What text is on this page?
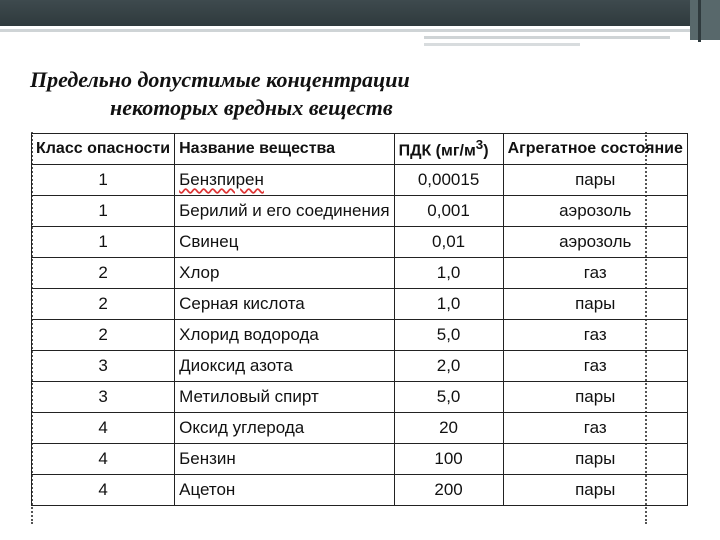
Предельно допустимые концентрации
некоторых вредных веществ
Класс опасности	Название вещества	ПДК $(мг/м^3)$	Агрегатное состояние
1	Бензпирен	0,00015	пары
1	Берилий и его соединения	0,001	аэрозоль
1	Свинец	0,01	аэрозоль
2	Хлор	1,0	газ
2	Серная кислота	1,0	пары
2	Хлорид водорода	5,0	газ
3	Диоксид азота	2,0	газ
3	Метиловый спирт	5,0	пары
4	Оксид углерода	20	газ
4	Бензин	100	пары
4	Ацетон	200	пары
